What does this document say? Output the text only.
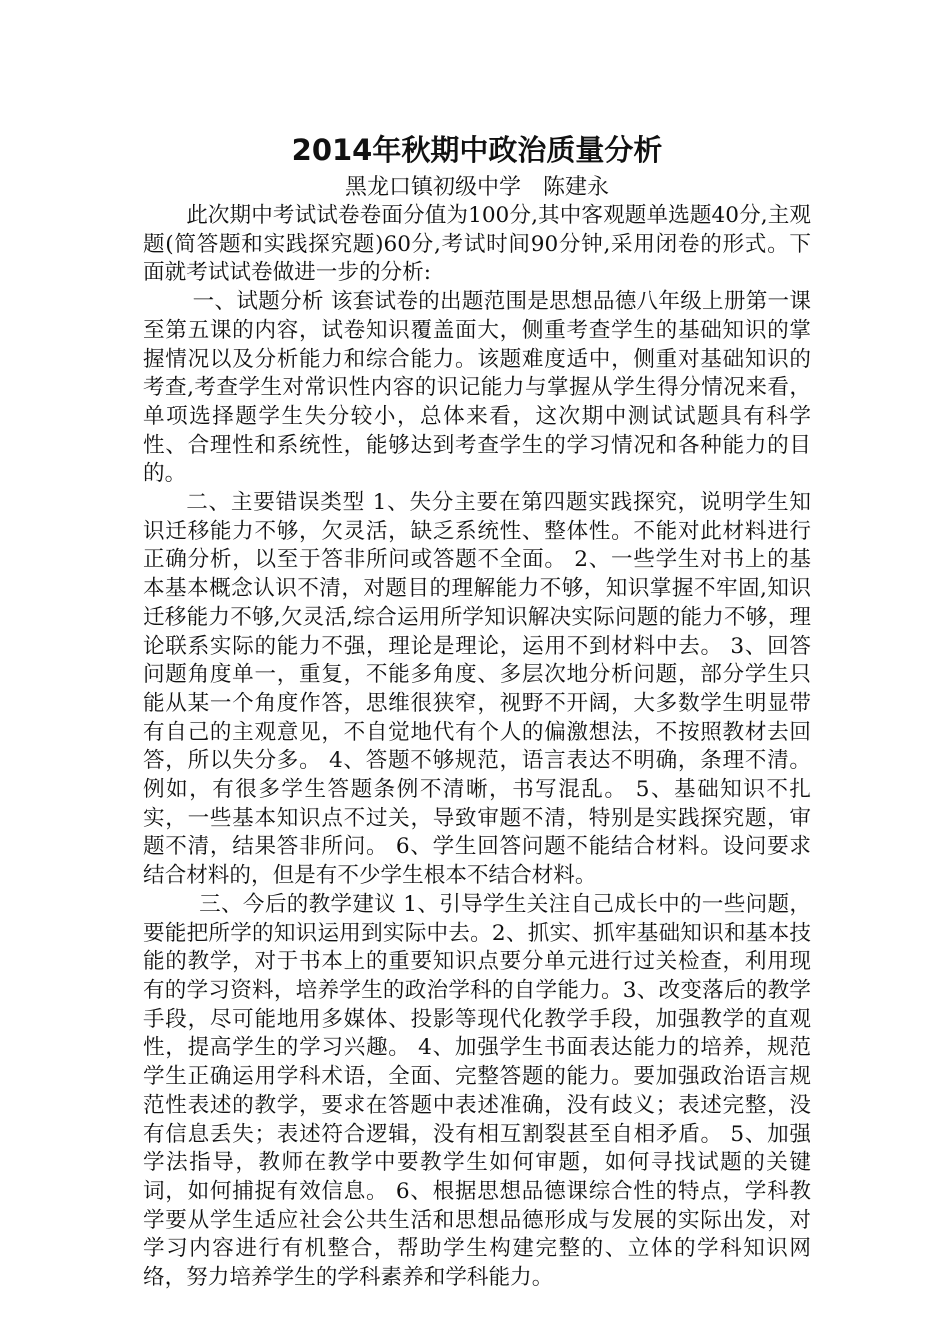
2014年秋期中政治质量分析

黑龙口镇初级中学　陈建永

此次期中考试试卷卷面分值为100分,其中客观题单选题40分,主观题(简答题和实践探究题)60分,考试时间90分钟,采用闭卷的形式。下面就考试试卷做进一步的分析:

一、试题分析 该套试卷的出题范围是思想品德八年级上册第一课至第五课的内容，试卷知识覆盖面大，侧重考查学生的基础知识的掌握情况以及分析能力和综合能力。该题难度适中，侧重对基础知识的考查,考查学生对常识性内容的识记能力与掌握从学生得分情况来看，单项选择题学生失分较小，总体来看，这次期中测试试题具有科学性、合理性和系统性，能够达到考查学生的学习情况和各种能力的目的。

二、主要错误类型 1、失分主要在第四题实践探究，说明学生知识迁移能力不够，欠灵活，缺乏系统性、整体性。不能对此材料进行正确分析，以至于答非所问或答题不全面。 2、一些学生对书上的基本基本概念认识不清，对题目的理解能力不够，知识掌握不牢固,知识迁移能力不够,欠灵活,综合运用所学知识解决实际问题的能力不够，理论联系实际的能力不强，理论是理论，运用不到材料中去。 3、回答问题角度单一，重复，不能多角度、多层次地分析问题，部分学生只能从某一个角度作答，思维很狭窄，视野不开阔，大多数学生明显带有自己的主观意见，不自觉地代有个人的偏激想法，不按照教材去回答，所以失分多。 4、答题不够规范，语言表达不明确，条理不清。例如，有很多学生答题条例不清晰，书写混乱。 5、基础知识不扎实，一些基本知识点不过关，导致审题不清，特别是实践探究题，审题不清，结果答非所问。 6、学生回答问题不能结合材料。设问要求结合材料的，但是有不少学生根本不结合材料。

三、今后的教学建议 1、引导学生关注自己成长中的一些问题，要能把所学的知识运用到实际中去。2、抓实、抓牢基础知识和基本技能的教学，对于书本上的重要知识点要分单元进行过关检查，利用现有的学习资料，培养学生的政治学科的自学能力。3、改变落后的教学手段，尽可能地用多媒体、投影等现代化教学手段，加强教学的直观性，提高学生的学习兴趣。 4、加强学生书面表达能力的培养，规范学生正确运用学科术语，全面、完整答题的能力。要加强政治语言规范性表述的教学，要求在答题中表述准确，没有歧义；表述完整，没有信息丢失；表述符合逻辑，没有相互割裂甚至自相矛盾。 5、加强学法指导，教师在教学中要教学生如何审题，如何寻找试题的关键词，如何捕捉有效信息。 6、根据思想品德课综合性的特点，学科教学要从学生适应社会公共生活和思想品德形成与发展的实际出发，对学习内容进行有机整合，帮助学生构建完整的、立体的学科知识网络，努力培养学生的学科素养和学科能力。
